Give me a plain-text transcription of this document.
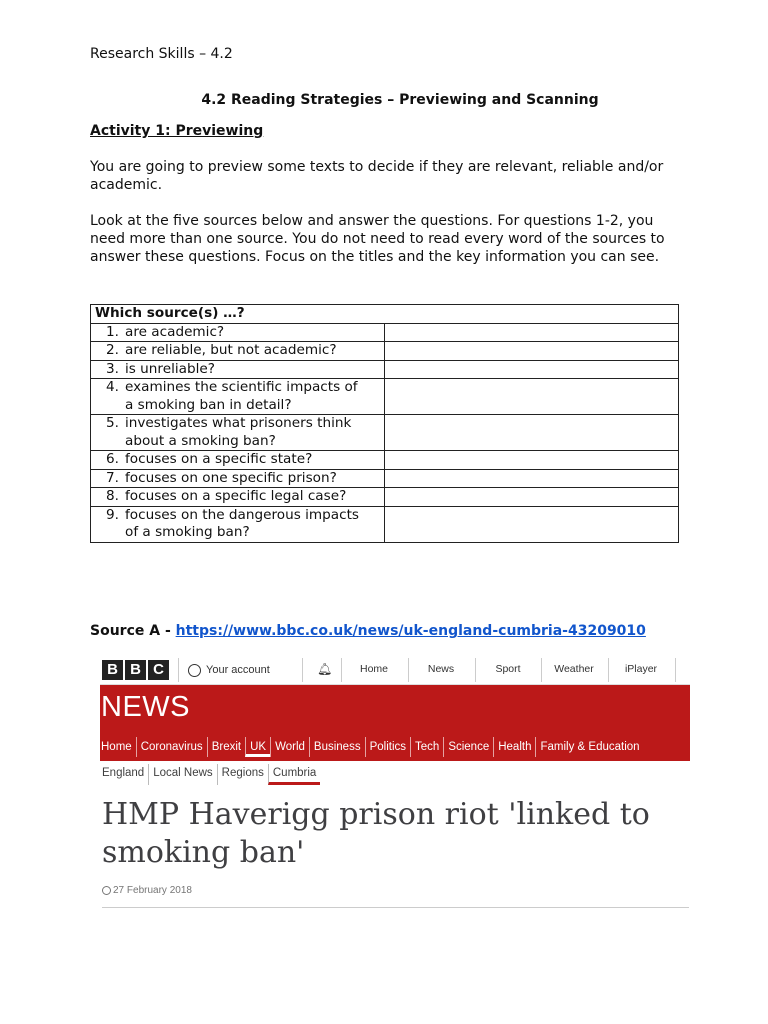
Research Skills – 4.2
4.2 Reading Strategies – Previewing and Scanning
Activity 1: Previewing
You are going to preview some texts to decide if they are relevant, reliable and/or academic.
Look at the five sources below and answer the questions. For questions 1-2, you need more than one source. You do not need to read every word of the sources to answer these questions. Focus on the titles and the key information you can see.
Which source(s) …?	
1. are academic?	
2. are reliable, but not academic?	
3. is unreliable?	
4. examines the scientific impacts of a smoking ban in detail?	
5. investigates what prisoners think about a smoking ban?	
6. focuses on a specific state?	
7. focuses on one specific prison?	
8. focuses on a specific legal case?	
9. focuses on the dangerous impacts of a smoking ban?	
Source A - https://www.bbc.co.uk/news/uk-england-cumbria-43209010
B B C	Your account	🔔︎	Home	News	Sport	Weather	iPlayer
NEWS
Home Coronavirus Brexit UK World Business Politics Tech Science Health Family & Education
England Local News Regions Cumbria
HMP Haverigg prison riot 'linked to smoking ban'
27 February 2018
